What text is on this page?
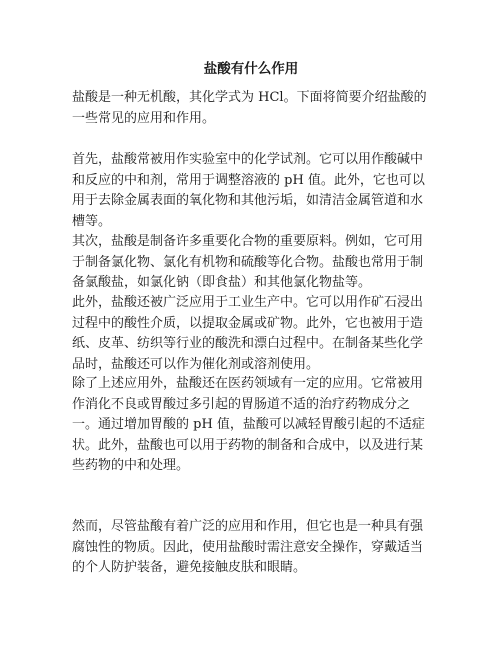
盐酸有什么作用

盐酸是一种无机酸，其化学式为 HCl。下面将简要介绍盐酸的一些常见的应用和作用。

首先，盐酸常被用作实验室中的化学试剂。它可以用作酸碱中和反应的中和剂，常用于调整溶液的 pH 值。此外，它也可以用于去除金属表面的氧化物和其他污垢，如清洁金属管道和水槽等。

其次，盐酸是制备许多重要化合物的重要原料。例如，它可用于制备氯化物、氯化有机物和硫酸等化合物。盐酸也常用于制备氯酸盐，如氯化钠（即食盐）和其他氯化物盐等。

此外，盐酸还被广泛应用于工业生产中。它可以用作矿石浸出过程中的酸性介质，以提取金属或矿物。此外，它也被用于造纸、皮革、纺织等行业的酸洗和漂白过程中。在制备某些化学品时，盐酸还可以作为催化剂或溶剂使用。

除了上述应用外，盐酸还在医药领域有一定的应用。它常被用作消化不良或胃酸过多引起的胃肠道不适的治疗药物成分之一。通过增加胃酸的 pH 值，盐酸可以减轻胃酸引起的不适症状。此外，盐酸也可以用于药物的制备和合成中，以及进行某些药物的中和处理。

然而，尽管盐酸有着广泛的应用和作用，但它也是一种具有强腐蚀性的物质。因此，使用盐酸时需注意安全操作，穿戴适当的个人防护装备，避免接触皮肤和眼睛。
